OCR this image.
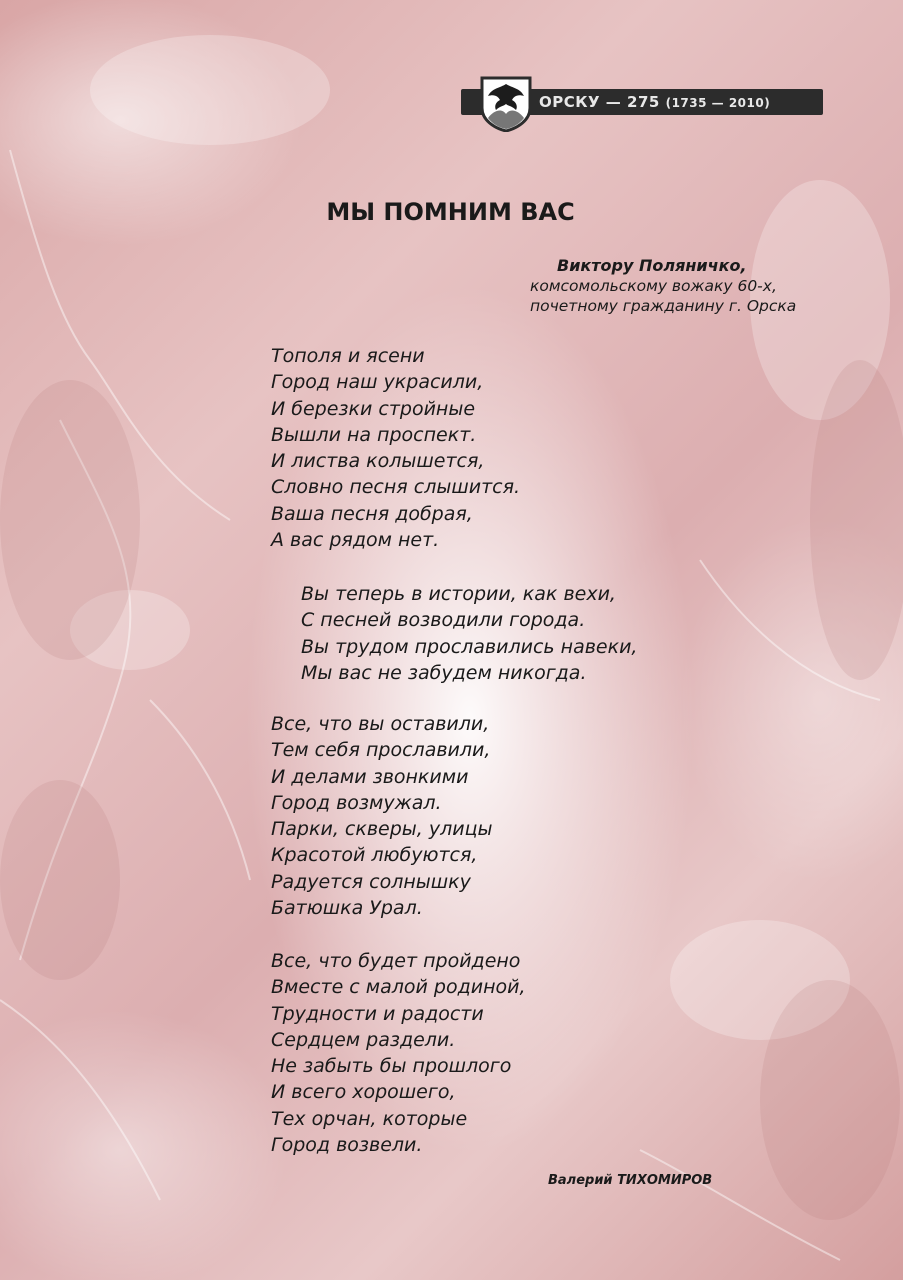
ОРСКУ — 275 (1735 — 2010)
МЫ ПОМНИМ ВАС
Виктору Поляничко,
комсомольскому вожаку 60-х,
почетному гражданину г. Орска
Тополя и ясени
Город наш украсили,
И березки стройные
Вышли на проспект.
И листва колышется,
Словно песня слышится.
Ваша песня добрая,
А вас рядом нет.
Вы теперь в истории, как вехи,
С песней возводили города.
Вы трудом прославились навеки,
Мы вас не забудем никогда.
Все, что вы оставили,
Тем себя прославили,
И делами звонкими
Город возмужал.
Парки, скверы, улицы
Красотой любуются,
Радуется солнышку
Батюшка Урал.
Все, что будет пройдено
Вместе с малой родиной,
Трудности и радости
Сердцем раздели.
Не забыть бы прошлого
И всего хорошего,
Тех орчан, которые
Город возвели.
Валерий ТИХОМИРОВ
